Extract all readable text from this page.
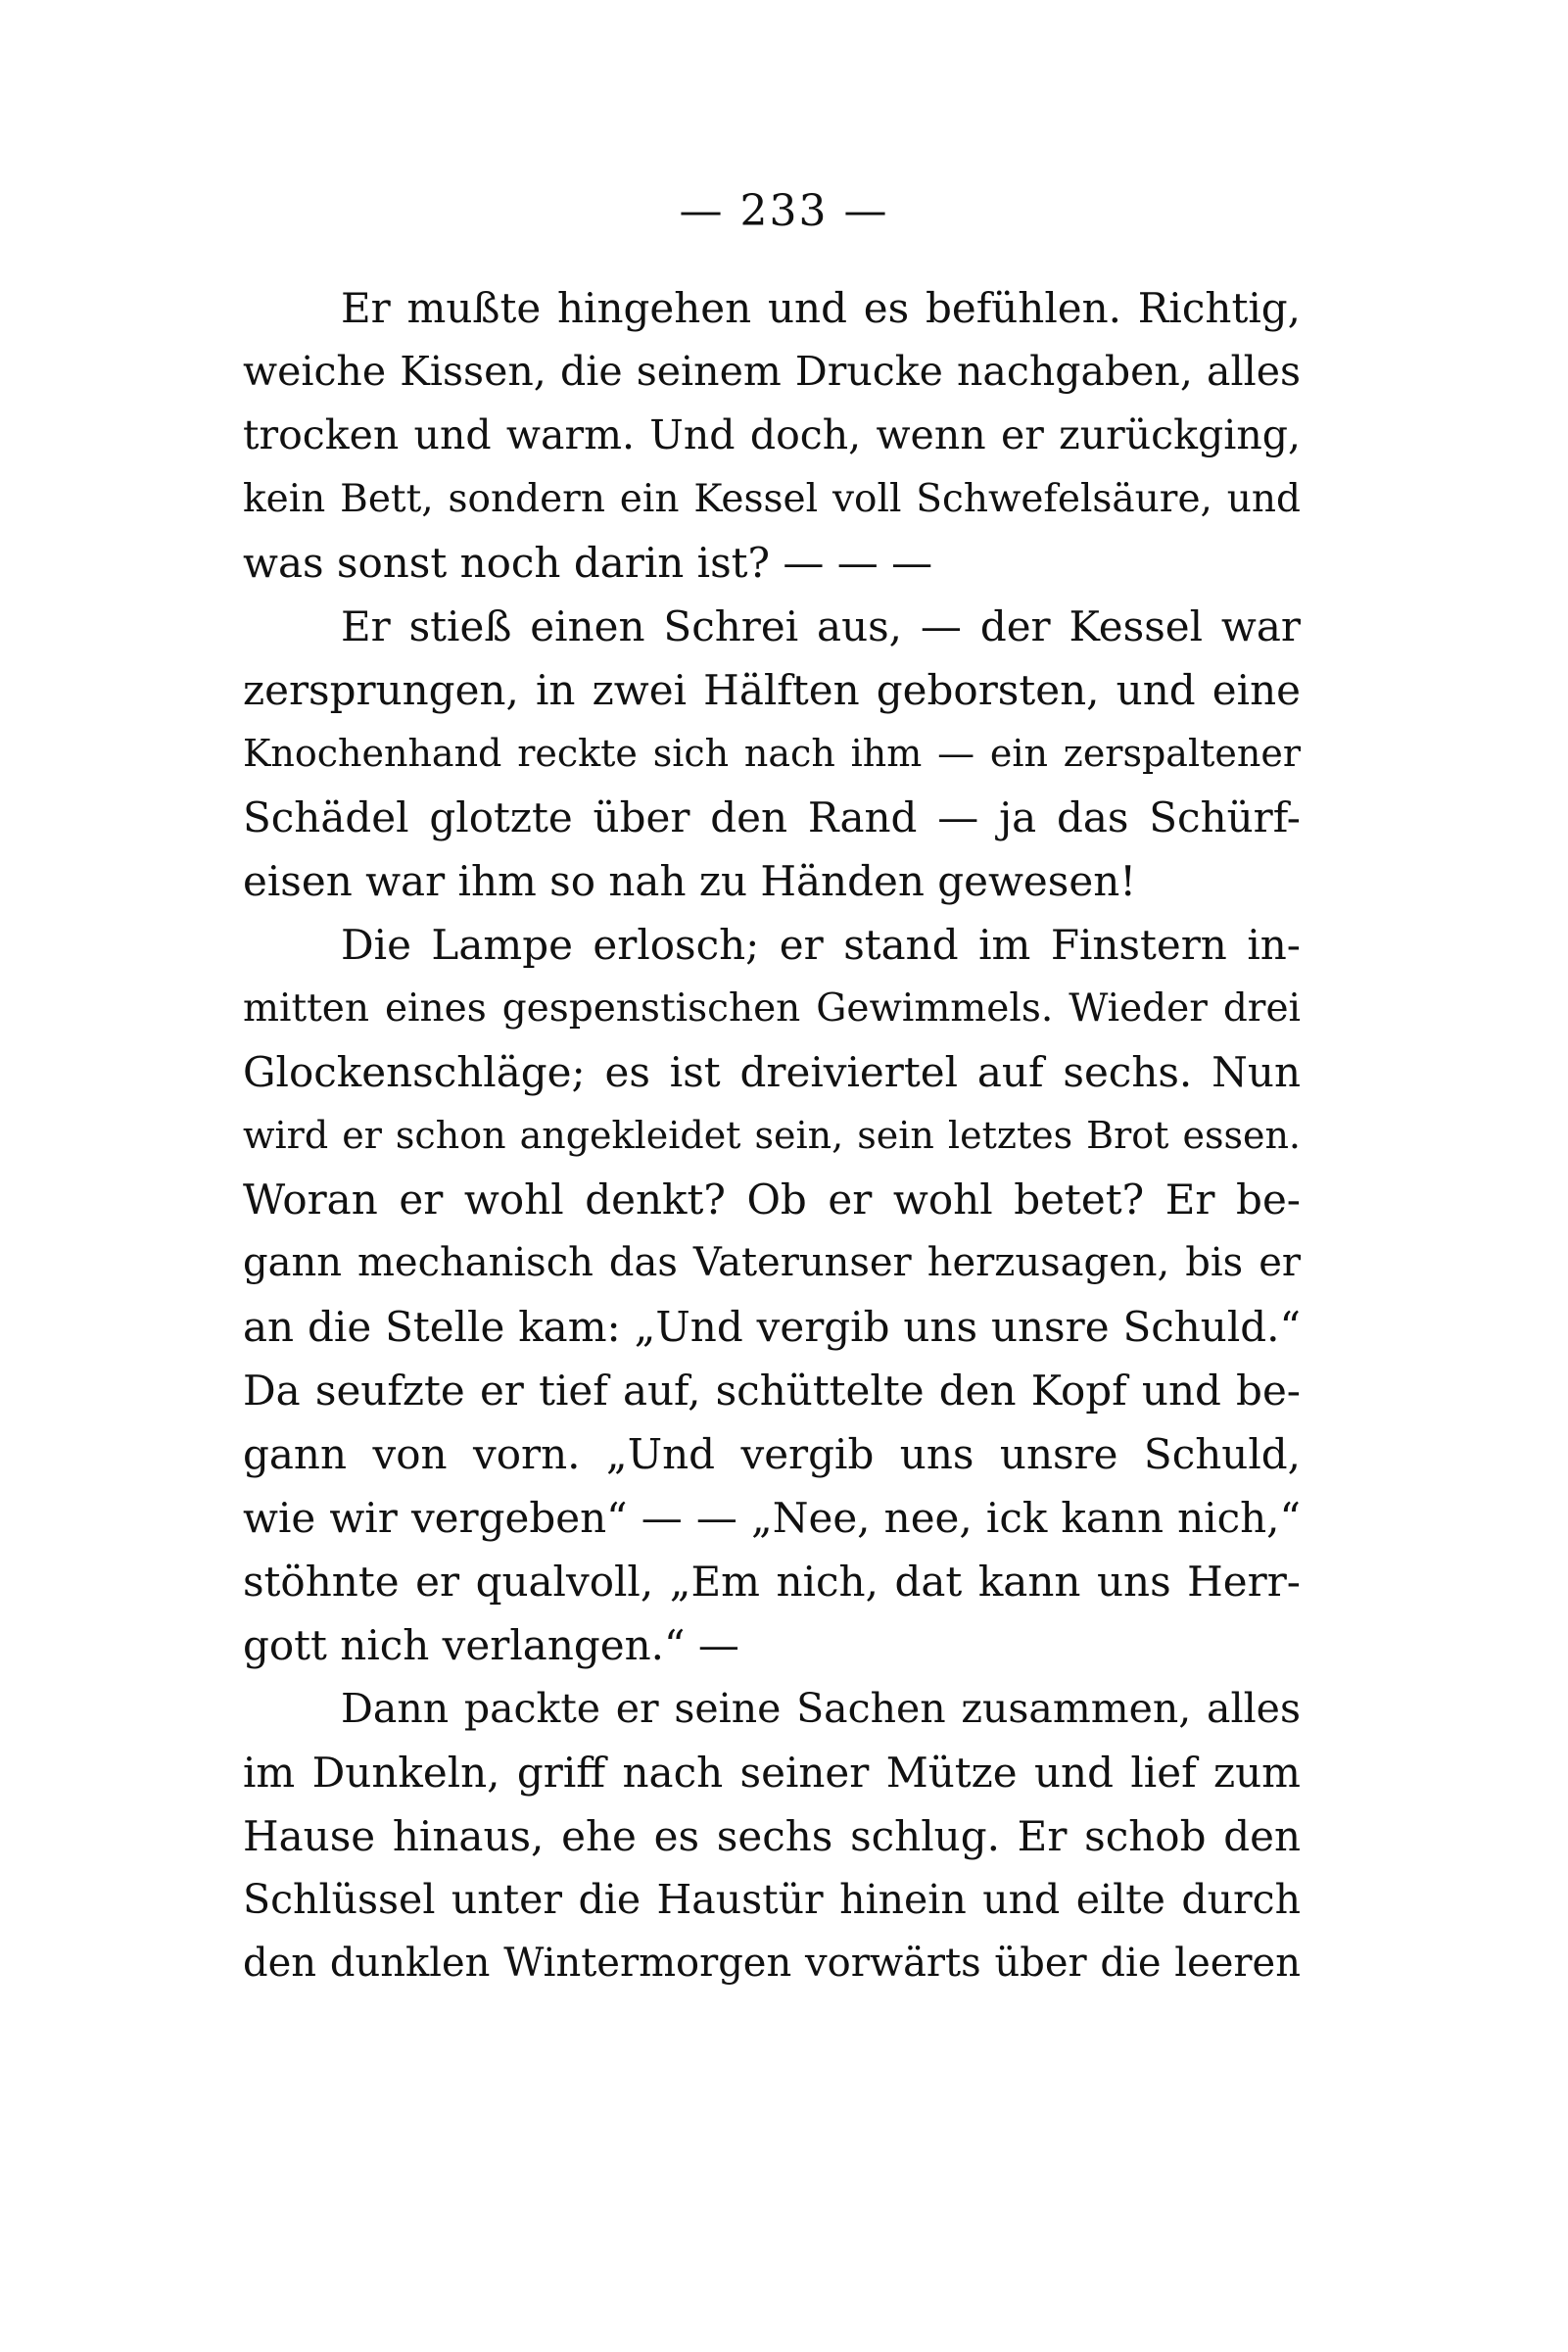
— 233 —
Er mußte hingehen und es befühlen. Richtig,
weiche Kissen, die seinem Drucke nachgaben, alles
trocken und warm. Und doch, wenn er zurückging,
kein Bett, sondern ein Kessel voll Schwefelsäure, und
was sonst noch darin ist? — — —
Er stieß einen Schrei aus, — der Kessel war
zersprungen, in zwei Hälften geborsten, und eine
Knochenhand reckte sich nach ihm — ein zerspaltener
Schädel glotzte über den Rand — ja das Schürf-
eisen war ihm so nah zu Händen gewesen!
Die Lampe erlosch; er stand im Finstern in-
mitten eines gespenstischen Gewimmels. Wieder drei
Glockenschläge; es ist dreiviertel auf sechs. Nun
wird er schon angekleidet sein, sein letztes Brot essen.
Woran er wohl denkt? Ob er wohl betet? Er be-
gann mechanisch das Vaterunser herzusagen, bis er
an die Stelle kam: „Und vergib uns unsre Schuld.“
Da seufzte er tief auf, schüttelte den Kopf und be-
gann von vorn. „Und vergib uns unsre Schuld,
wie wir vergeben“ — — „Nee, nee, ick kann nich,“
stöhnte er qualvoll, „Em nich, dat kann uns Herr-
gott nich verlangen.“ —
Dann packte er seine Sachen zusammen, alles
im Dunkeln, griff nach seiner Mütze und lief zum
Hause hinaus, ehe es sechs schlug. Er schob den
Schlüssel unter die Haustür hinein und eilte durch
den dunklen Wintermorgen vorwärts über die leeren
